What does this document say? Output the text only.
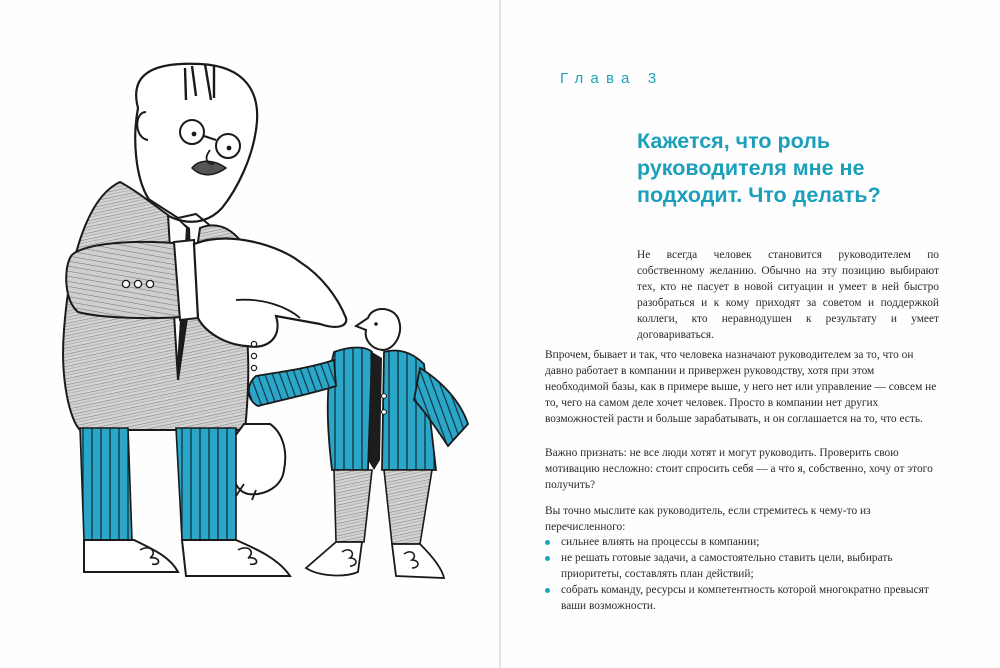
Глава 3

Кажется, что роль руководителя мне не подходит. Что делать?

Не всегда человек становится руководителем по собственному желанию. Обычно на эту позицию выбирают тех, кто не пасует в новой ситуации и умеет в ней быстро разобраться и к кому приходят за советом и поддержкой коллеги, кто неравнодушен к результату и умеет договариваться.

Впрочем, бывает и так, что человека назначают руководителем за то, что он давно работает в компании и привержен руководству, хотя при этом необходимой базы, как в примере выше, у него нет или управление — совсем не то, чего на самом деле хочет человек. Просто в компании нет других возможностей расти и больше зарабатывать, и он соглашается на то, что есть.

Важно признать: не все люди хотят и могут руководить. Проверить свою мотивацию несложно: стоит спросить себя — а что я, собственно, хочу от этого получить?

Вы точно мыслите как руководитель, если стремитесь к чему-то из перечисленного:

сильнее влиять на процессы в компании;
не решать готовые задачи, а самостоятельно ставить цели, выбирать приоритеты, составлять план действий;
собрать команду, ресурсы и компетентность которой многократно превысят ваши возможности.
